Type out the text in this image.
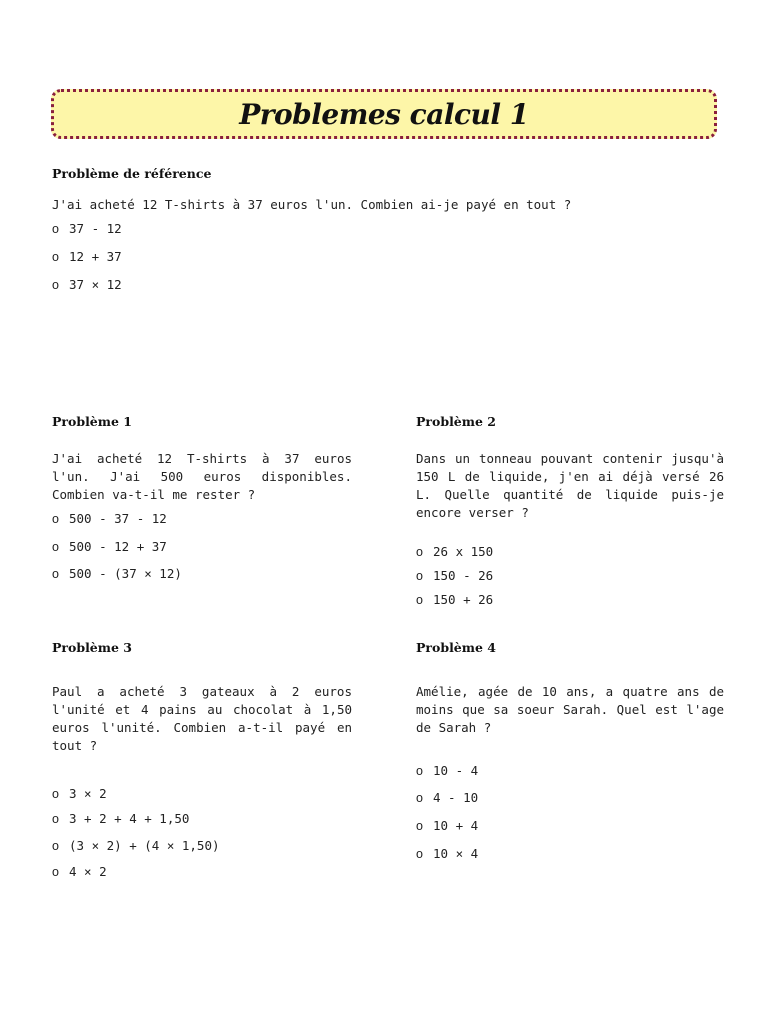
Problemes calcul 1
Problème de référence
J'ai acheté 12 T-shirts à 37 euros l'un. Combien ai-je payé en tout ?
o 37 - 12
o 12 + 37
o 37 × 12
Problème 1
J'ai acheté 12 T-shirts à 37 euros l'un. J'ai 500 euros disponibles. Combien va-t-il me rester ?
o 500 - 37 - 12
o 500 - 12 + 37
o 500 - (37 × 12)
Problème 2
Dans un tonneau pouvant contenir jusqu'à 150 L de liquide, j'en ai déjà versé 26 L. Quelle quantité de liquide puis-je encore verser ?
o 26 x 150
o 150 - 26
o 150 + 26
Problème 3
Paul a acheté 3 gateaux à 2 euros l'unité et 4 pains au chocolat à 1,50 euros l'unité. Combien a-t-il payé en tout ?
o 3 × 2
o 3 + 2 + 4 + 1,50
o (3 × 2) + (4 × 1,50)
o 4 × 2
Problème 4
Amélie, agée de 10 ans, a quatre ans de moins que sa soeur Sarah. Quel est l'age de Sarah ?
o 10 - 4
o 4 - 10
o 10 + 4
o 10 × 4
